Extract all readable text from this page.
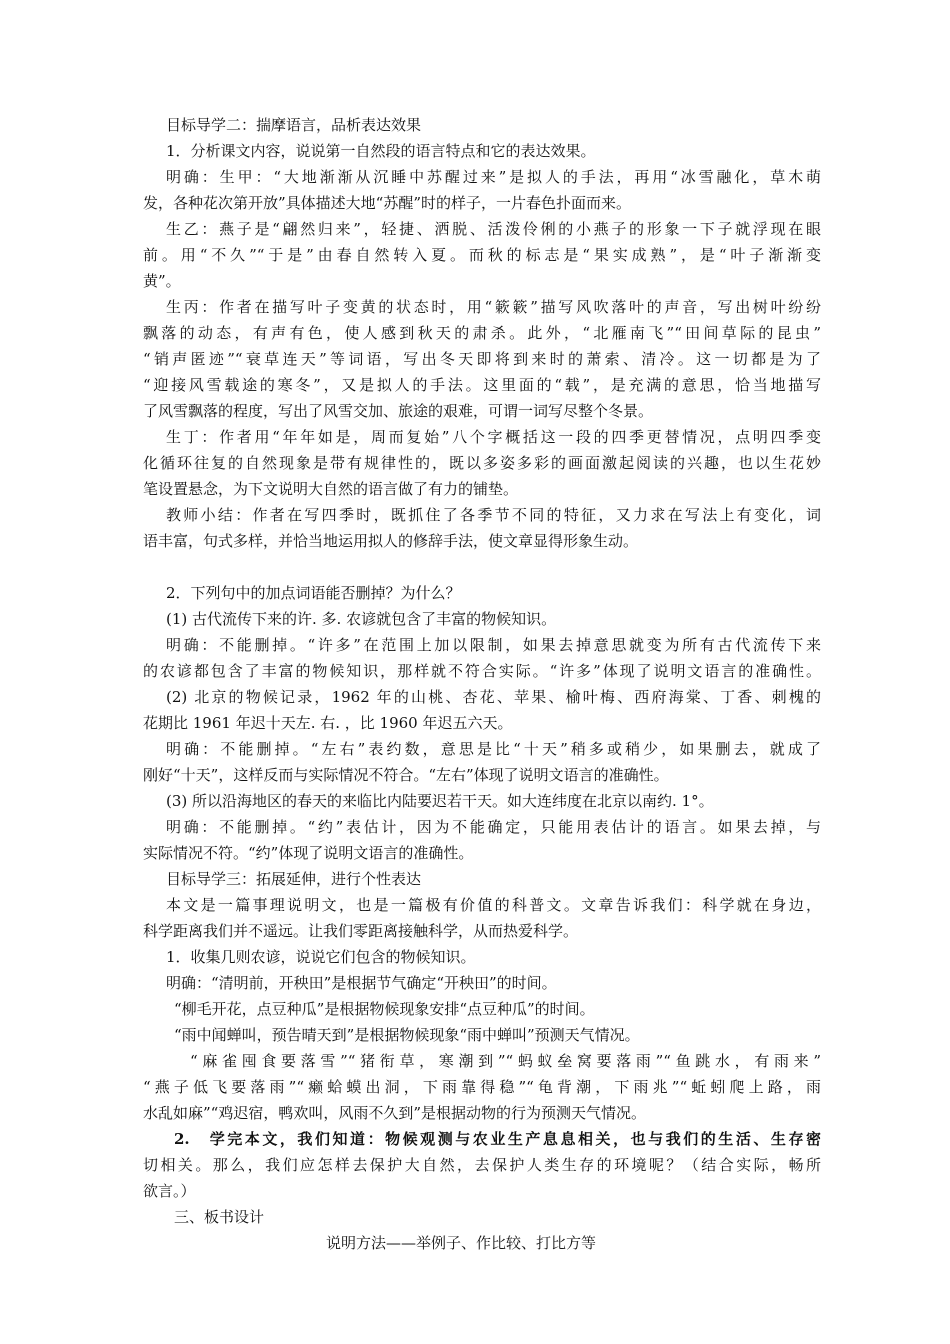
目标导学二：揣摩语言，品析表达效果
1．分析课文内容，说说第一自然段的语言特点和它的表达效果。
明确：生甲：“大地渐渐从沉睡中苏醒过来”是拟人的手法，再用“冰雪融化，草木萌
发，各种花次第开放”具体描述大地“苏醒”时的样子，一片春色扑面而来。
生乙：燕子是“翩然归来”，轻捷、洒脱、活泼伶俐的小燕子的形象一下子就浮现在眼
前。用“不久”“于是”由春自然转入夏。而秋的标志是“果实成熟”，是“叶子渐渐变
黄”。
生丙：作者在描写叶子变黄的状态时，用“簌簌”描写风吹落叶的声音，写出树叶纷纷
飘落的动态，有声有色，使人感到秋天的肃杀。此外，“北雁南飞”“田间草际的昆虫”
“销声匿迹”“衰草连天”等词语，写出冬天即将到来时的萧索、清冷。这一切都是为了
“迎接风雪载途的寒冬”，又是拟人的手法。这里面的“载”，是充满的意思，恰当地描写
了风雪飘落的程度，写出了风雪交加、旅途的艰难，可谓一词写尽整个冬景。
生丁：作者用“年年如是，周而复始”八个字概括这一段的四季更替情况，点明四季变
化循环往复的自然现象是带有规律性的，既以多姿多彩的画面激起阅读的兴趣，也以生花妙
笔设置悬念，为下文说明大自然的语言做了有力的铺垫。
教师小结：作者在写四季时，既抓住了各季节不同的特征，又力求在写法上有变化，词
语丰富，句式多样，并恰当地运用拟人的修辞手法，使文章显得形象生动。
2．下列句中的加点词语能否删掉？为什么？
(1) 古代流传下来的许. 多. 农谚就包含了丰富的物候知识。
明确：不能删掉。“许多”在范围上加以限制，如果去掉意思就变为所有古代流传下来
的农谚都包含了丰富的物候知识，那样就不符合实际。“许多”体现了说明文语言的准确性。
(2) 北京的物候记录，1962 年的山桃、杏花、苹果、榆叶梅、西府海棠、丁香、刺槐的
花期比 1961 年迟十天左. 右. ，比 1960 年迟五六天。
明确：不能删掉。“左右”表约数，意思是比“十天”稍多或稍少，如果删去，就成了
刚好“十天”，这样反而与实际情况不符合。“左右”体现了说明文语言的准确性。
(3) 所以沿海地区的春天的来临比内陆要迟若干天。如大连纬度在北京以南约. 1°。
明确：不能删掉。“约”表估计，因为不能确定，只能用表估计的语言。如果去掉，与
实际情况不符。“约”体现了说明文语言的准确性。
目标导学三：拓展延伸，进行个性表达
本文是一篇事理说明文，也是一篇极有价值的科普文。文章告诉我们：科学就在身边，
科学距离我们并不遥远。让我们零距离接触科学，从而热爱科学。
1．收集几则农谚，说说它们包含的物候知识。
明确：“清明前，开秧田”是根据节气确定“开秧田”的时间。
“柳毛开花，点豆种瓜”是根据物候现象安排“点豆种瓜”的时间。
“雨中闻蝉叫，预告晴天到”是根据物候现象“雨中蝉叫”预测天气情况。
“麻雀囤食要落雪”“猪衔草，寒潮到”“蚂蚁垒窝要落雨”“鱼跳水，有雨来”
“燕子低飞要落雨”“癞蛤蟆出洞，下雨靠得稳”“龟背潮，下雨兆”“蚯蚓爬上路，雨
水乱如麻”“鸡迟宿，鸭欢叫，风雨不久到”是根据动物的行为预测天气情况。
2.　学完本文，我们知道：物候观测与农业生产息息相关，也与我们的生活、生存密
切相关。那么，我们应怎样去保护大自然，去保护人类生存的环境呢？（结合实际，畅所
欲言。）
三、板书设计
说明方法——举例子、作比较、打比方等
